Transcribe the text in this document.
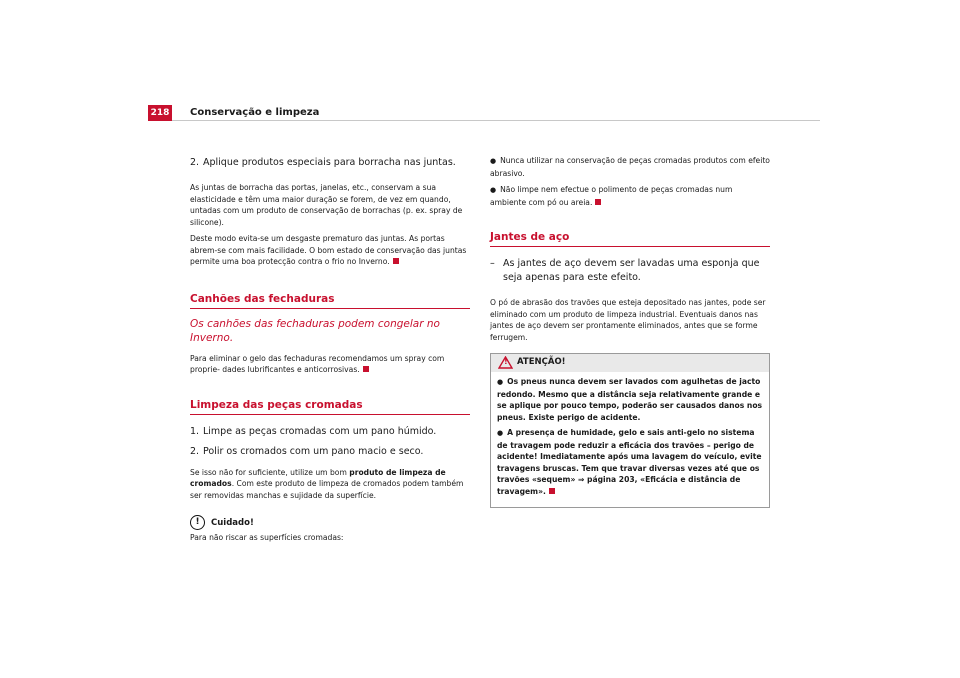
218 Conservação e limpeza
2. Aplique produtos especiais para borracha nas juntas.

As juntas de borracha das portas, janelas, etc., conservam a sua elasticidade e têm uma maior duração se forem, de vez em quando, untadas com um produto de conservação de borrachas (p. ex. spray de silicone).

Deste modo evita-se um desgaste prematuro das juntas. As portas abrem-se com mais facilidade. O bom estado de conservação das juntas permite uma boa protecção contra o frio no Inverno.

Canhões das fechaduras
Os canhões das fechaduras podem congelar no Inverno.

Para eliminar o gelo das fechaduras recomendamos um spray com proprie- dades lubrificantes e anticorrosivas.

Limpeza das peças cromadas
1. Limpe as peças cromadas com um pano húmido.
2. Polir os cromados com um pano macio e seco.

Se isso não for suficiente, utilize um bom produto de limpeza de cromados. Com este produto de limpeza de cromados podem também ser removidas manchas e sujidade da superfície.

!	Cuidado!

Para não riscar as superfícies cromadas:

● Nunca utilizar na conservação de peças cromadas produtos com efeito abrasivo.
● Não limpe nem efectue o polimento de peças cromadas num ambiente com pó ou areia.
Jantes de aço
– As jantes de aço devem ser lavadas uma esponja que seja apenas para este efeito.

O pó de abrasão dos travões que esteja depositado nas jantes, pode ser eliminado com um produto de limpeza industrial. Eventuais danos nas jantes de aço devem ser prontamente eliminados, antes que se forme ferrugem.

! ATENÇÃO!
● Os pneus nunca devem ser lavados com agulhetas de jacto redondo. Mesmo que a distância seja relativamente grande e se aplique por pouco tempo, poderão ser causados danos nos pneus. Existe perigo de acidente.
● A presença de humidade, gelo e sais anti-gelo no sistema de travagem pode reduzir a eficácia dos travões – perigo de acidente! Imediatamente após uma lavagem do veículo, evite travagens bruscas. Tem que travar diversas vezes até que os travões «sequem» ⇒ página 203, «Eficácia e distância de travagem».
